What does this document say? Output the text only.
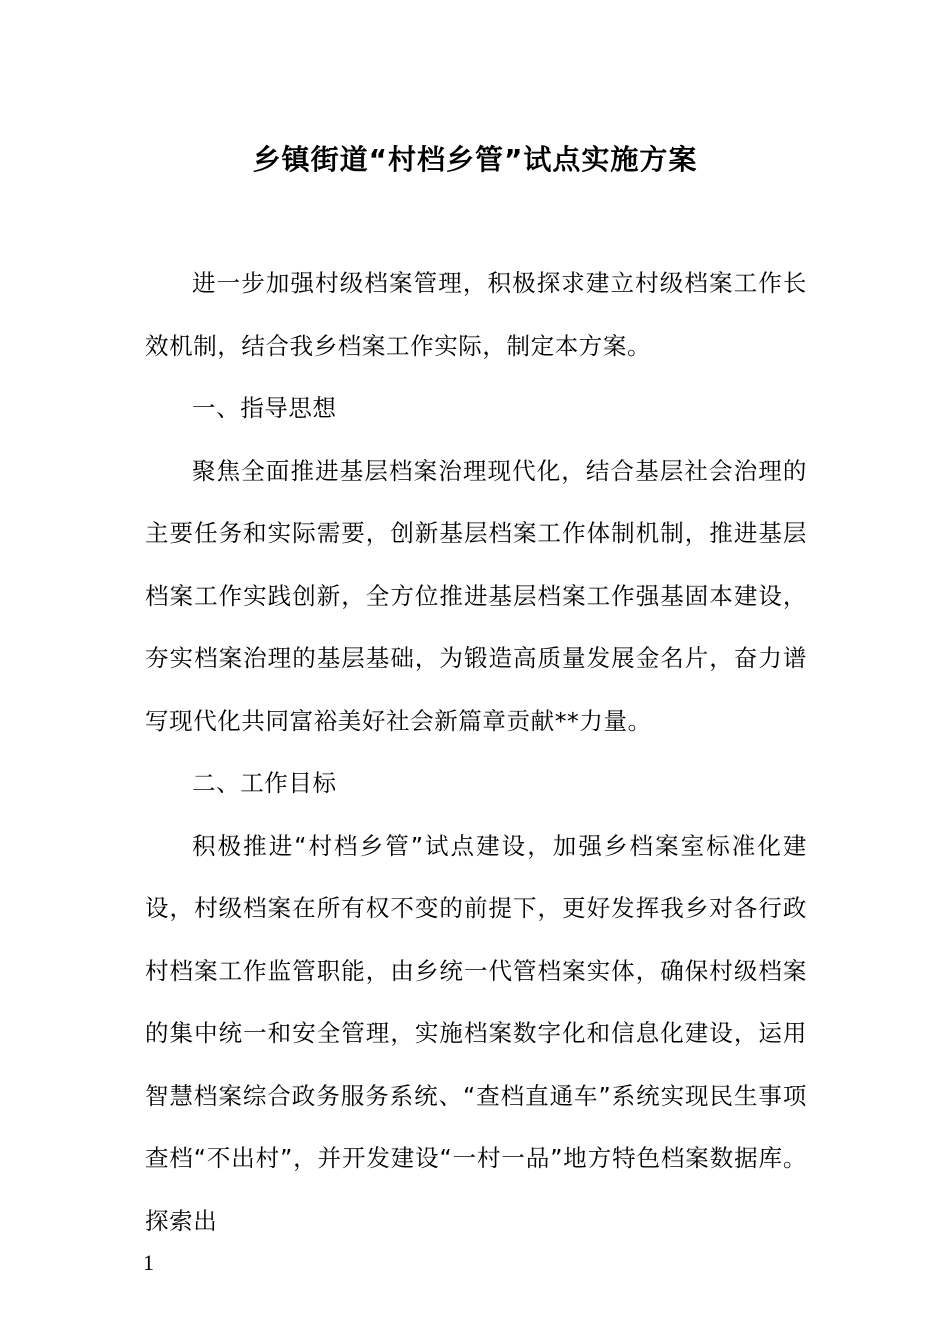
乡镇街道“村档乡管”试点实施方案

进一步加强村级档案管理，积极探求建立村级档案工作长效机制，结合我乡档案工作实际，制定本方案。

一、指导思想

聚焦全面推进基层档案治理现代化，结合基层社会治理的主要任务和实际需要，创新基层档案工作体制机制，推进基层档案工作实践创新，全方位推进基层档案工作强基固本建设，夯实档案治理的基层基础，为锻造高质量发展金名片，奋力谱写现代化共同富裕美好社会新篇章贡献**力量。

二、工作目标

积极推进“村档乡管”试点建设，加强乡档案室标准化建设，村级档案在所有权不变的前提下，更好发挥我乡对各行政村档案工作监管职能，由乡统一代管档案实体，确保村级档案的集中统一和安全管理，实施档案数字化和信息化建设，运用智慧档案综合政务服务系统、“查档直通车”系统实现民生事项查档“不出村”，并开发建设“一村一品”地方特色档案数据库。探索出

1
